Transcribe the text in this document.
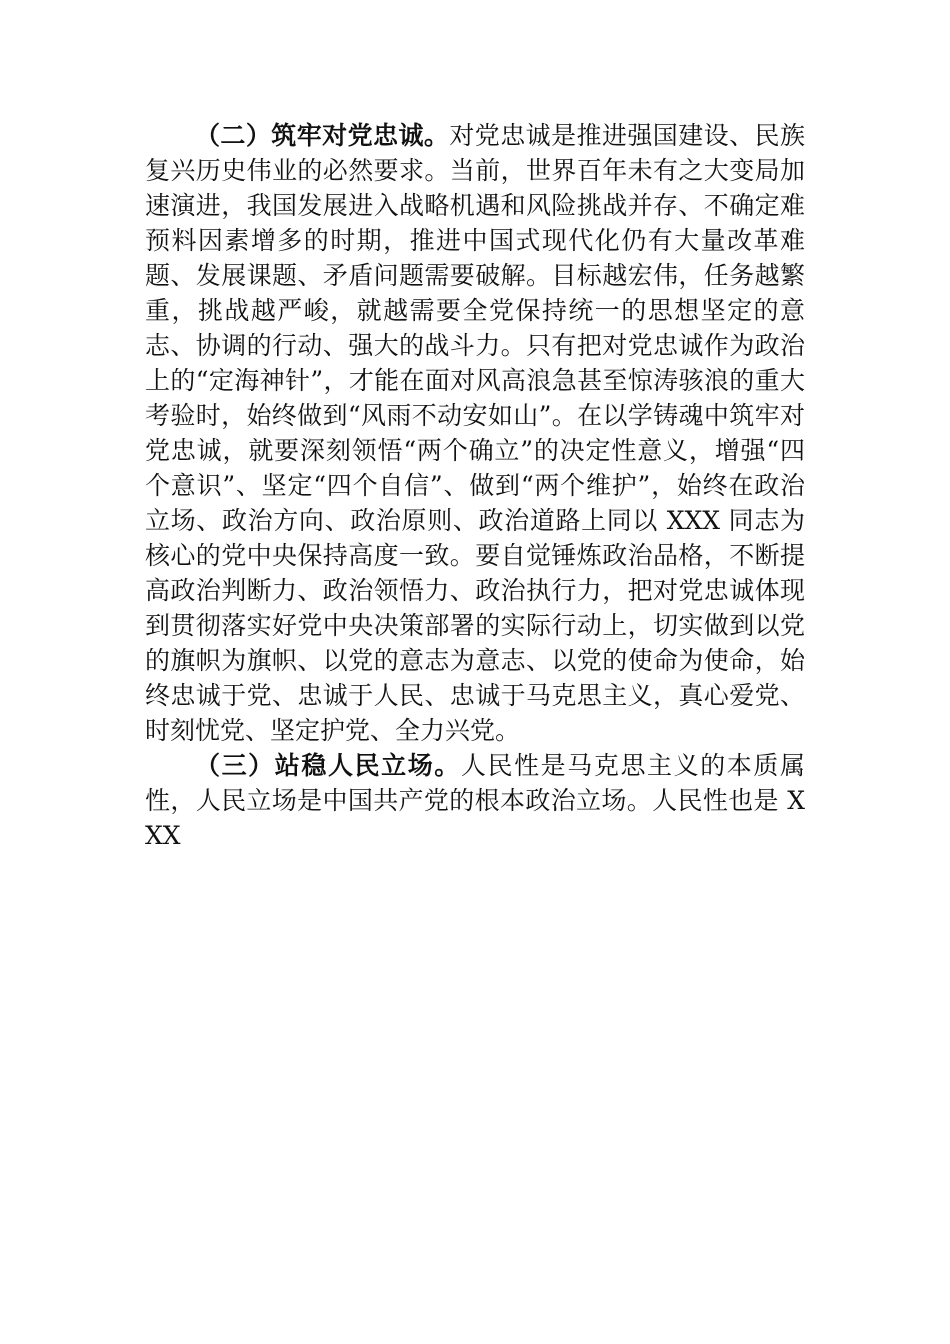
（二）筑牢对党忠诚。对党忠诚是推进强国建设、民族复兴历史伟业的必然要求。当前，世界百年未有之大变局加速演进，我国发展进入战略机遇和风险挑战并存、不确定难预料因素增多的时期，推进中国式现代化仍有大量改革难题、发展课题、矛盾问题需要破解。目标越宏伟，任务越繁重，挑战越严峻，就越需要全党保持统一的思想坚定的意志、协调的行动、强大的战斗力。只有把对党忠诚作为政治上的“定海神针”，才能在面对风高浪急甚至惊涛骇浪的重大考验时，始终做到“风雨不动安如山”。在以学铸魂中筑牢对党忠诚，就要深刻领悟“两个确立”的决定性意义，增强“四个意识”、坚定“四个自信”、做到“两个维护”，始终在政治立场、政治方向、政治原则、政治道路上同以 XXX 同志为核心的党中央保持高度一致。要自觉锤炼政治品格，不断提高政治判断力、政治领悟力、政治执行力，把对党忠诚体现到贯彻落实好党中央决策部署的实际行动上，切实做到以党的旗帜为旗帜、以党的意志为意志、以党的使命为使命，始终忠诚于党、忠诚于人民、忠诚于马克思主义，真心爱党、时刻忧党、坚定护党、全力兴党。

（三）站稳人民立场。人民性是马克思主义的本质属性，人民立场是中国共产党的根本政治立场。人民性也是 XXX
